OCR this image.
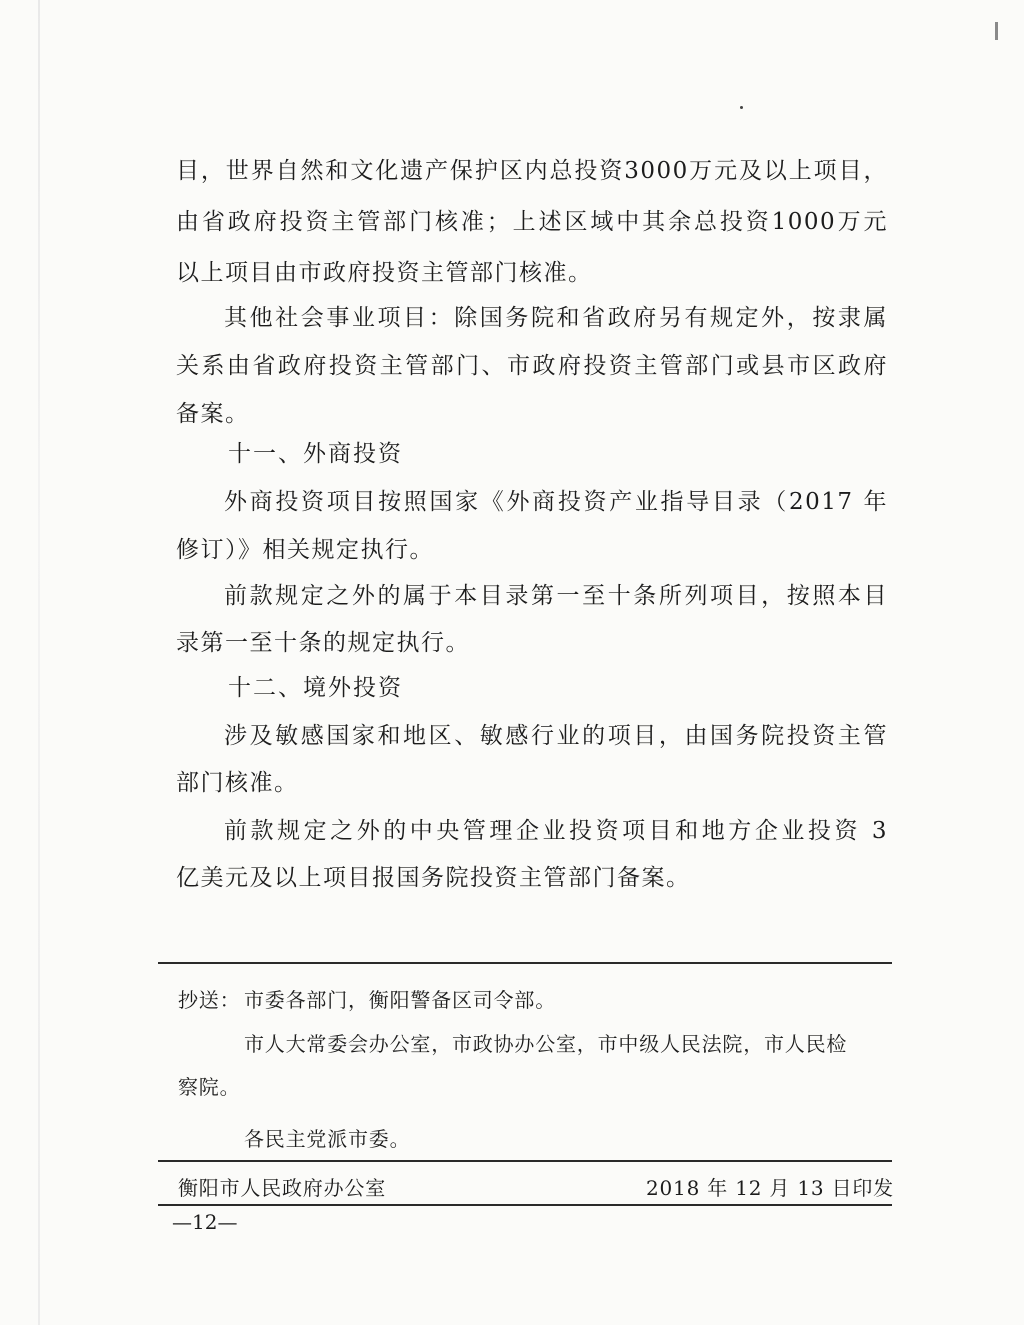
目，世界自然和文化遗产保护区内总投资3000万元及以上项目，
由省政府投资主管部门核准；上述区域中其余总投资1000万元
以上项目由市政府投资主管部门核准。
其他社会事业项目：除国务院和省政府另有规定外，按隶属
关系由省政府投资主管部门、市政府投资主管部门或县市区政府
备案。
外商投资项目按照国家《外商投资产业指导目录（2017 年
修订）》相关规定执行。
前款规定之外的属于本目录第一至十条所列项目，按照本目
录第一至十条的规定执行。
涉及敏感国家和地区、敏感行业的项目，由国务院投资主管
部门核准。
前款规定之外的中央管理企业投资项目和地方企业投资 3
亿美元及以上项目报国务院投资主管部门备案。
十一、外商投资
十二、境外投资
抄送： 市委各部门，衡阳警备区司令部。
市人大常委会办公室，市政协办公室，市中级人民法院，市人民检
察院。
各民主党派市委。
衡阳市人民政府办公室	2018 年 12 月 13 日印发
—12—
